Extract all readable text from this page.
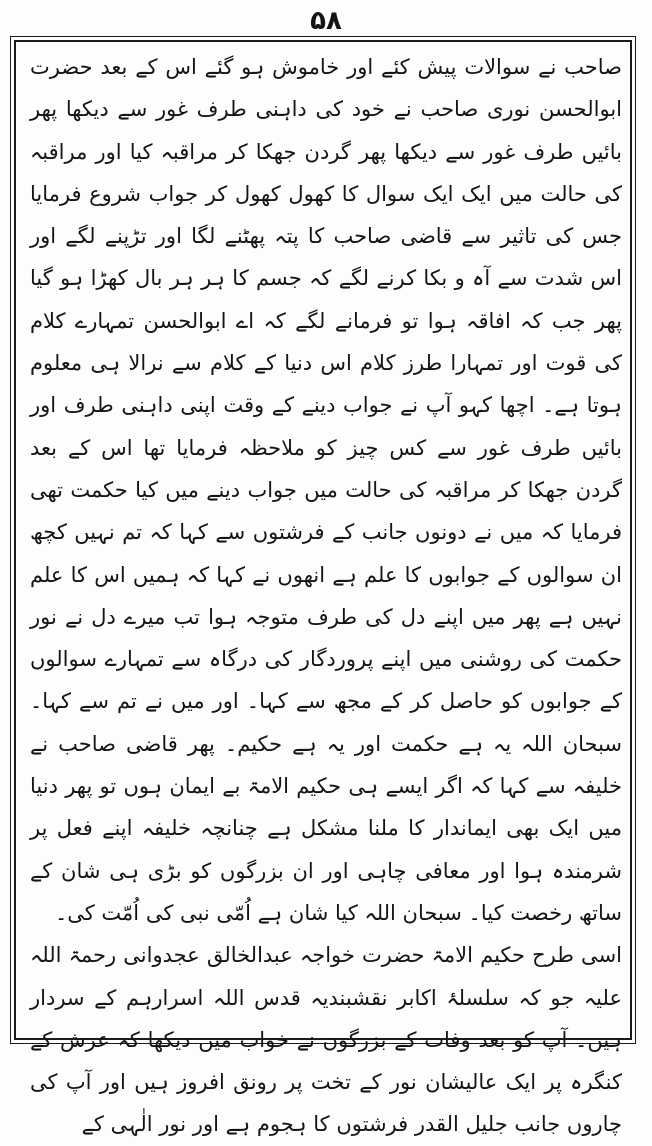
۵۸

صاحب نے سوالات پیش کئے اور خاموش ہو گئے اس کے بعد حضرت ابوالحسن نوری صاحب نے خود کی داہنی طرف غور سے دیکھا پھر بائیں طرف غور سے دیکھا پھر گردن جھکا کر مراقبہ کیا اور مراقبہ کی حالت میں ایک ایک سوال کا کھول کھول کر جواب شروع فرمایا جس کی تاثیر سے قاضی صاحب کا پتہ پھٹنے لگا اور تڑپنے لگے اور اس شدت سے آہ و بکا کرنے لگے کہ جسم کا ہر ہر بال کھڑا ہو گیا پھر جب کہ افاقہ ہوا تو فرمانے لگے کہ اے ابوالحسن تمہارے کلام کی قوت اور تمہارا طرز کلام اس دنیا کے کلام سے نرالا ہی معلوم ہوتا ہے۔ اچھا کہو آپ نے جواب دینے کے وقت اپنی داہنی طرف اور بائیں طرف غور سے کس چیز کو ملاحظہ فرمایا تھا اس کے بعد گردن جھکا کر مراقبہ کی حالت میں جواب دینے میں کیا حکمت تھی فرمایا کہ میں نے دونوں جانب کے فرشتوں سے کہا کہ تم نہیں کچھ ان سوالوں کے جوابوں کا علم ہے انھوں نے کہا کہ ہمیں اس کا علم نہیں ہے پھر میں اپنے دل کی طرف متوجہ ہوا تب میرے دل نے نور حکمت کی روشنی میں اپنے پروردگار کی درگاہ سے تمہارے سوالوں کے جوابوں کو حاصل کر کے مجھ سے کہا۔ اور میں نے تم سے کہا۔ سبحان اللہ یہ ہے حکمت اور یہ ہے حکیم۔ پھر قاضی صاحب نے خلیفہ سے کہا کہ اگر ایسے ہی حکیم الامۃ بے ایمان ہوں تو پھر دنیا میں ایک بھی ایماندار کا ملنا مشکل ہے چنانچہ خلیفہ اپنے فعل پر شرمندہ ہوا اور معافی چاہی اور ان بزرگوں کو بڑی ہی شان کے ساتھ رخصت کیا۔ سبحان اللہ کیا شان ہے اُمّی نبی کی اُمّت کی۔

اسی طرح حکیم الامۃ حضرت خواجہ عبدالخالق عجدوانی رحمۃ اللہ علیہ جو کہ سلسلۂ اکابر نقشبندیہ قدس اللہ اسرارہم کے سردار ہیں۔ آپ کو بعد وفات کے بزرگوں نے خواب میں دیکھا کہ عرش کے کنگرہ پر ایک عالیشان نور کے تخت پر رونق افروز ہیں اور آپ کی چاروں جانب جلیل القدر فرشتوں کا ہجوم ہے اور نور الٰہی کے
